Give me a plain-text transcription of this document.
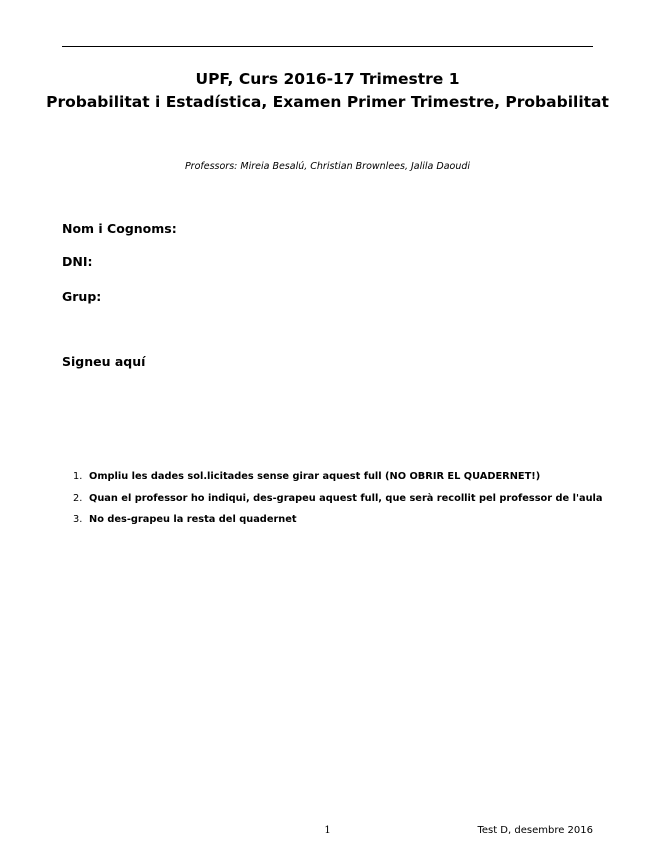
UPF, Curs 2016-17 Trimestre 1
Probabilitat i Estadística, Examen Primer Trimestre, Probabilitat
Professors: Mireia Besalú, Christian Brownlees, Jalila Daoudi
Nom i Cognoms:
DNI:
Grup:
Signeu aquí
1. Ompliu les dades sol.licitades sense girar aquest full (NO OBRIR EL QUADERNET!)
2. Quan el professor ho indiqui, des-grapeu aquest full, que serà recollit pel professor de l'aula
3. No des-grapeu la resta del quadernet
1	Test D, desembre 2016
